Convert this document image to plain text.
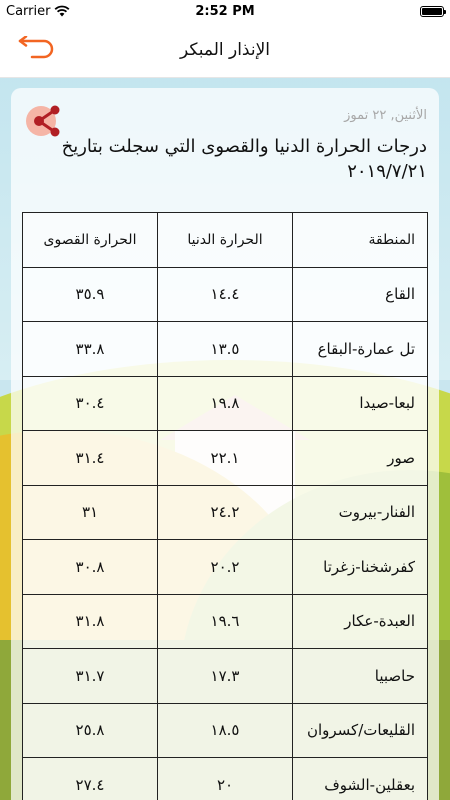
Carrier	2:52 PM
الإنذار المبكر
الأثنين, ٢٢ تموز
درجات الحرارة الدنيا والقصوى التي سجلت بتاريخ ٢٠١٩/٧/٢١
المنطقة	الحرارة الدنيا	الحرارة القصوى
القاع	١٤.٤	٣٥.٩
تل عمارة-البقاع	١٣.٥	٣٣.٨
لبعا-صيدا	١٩.٨	٣٠.٤
صور	٢٢.١	٣١.٤
الفنار-بيروت	٢٤.٢	٣١
كفرشخنا-زغرتا	٢٠.٢	٣٠.٨
العبدة-عكار	١٩.٦	٣١.٨
حاصبيا	١٧.٣	٣١.٧
القليعات/كسروان	١٨.٥	٢٥.٨
بعقلين-الشوف	٢٠	٢٧.٤
